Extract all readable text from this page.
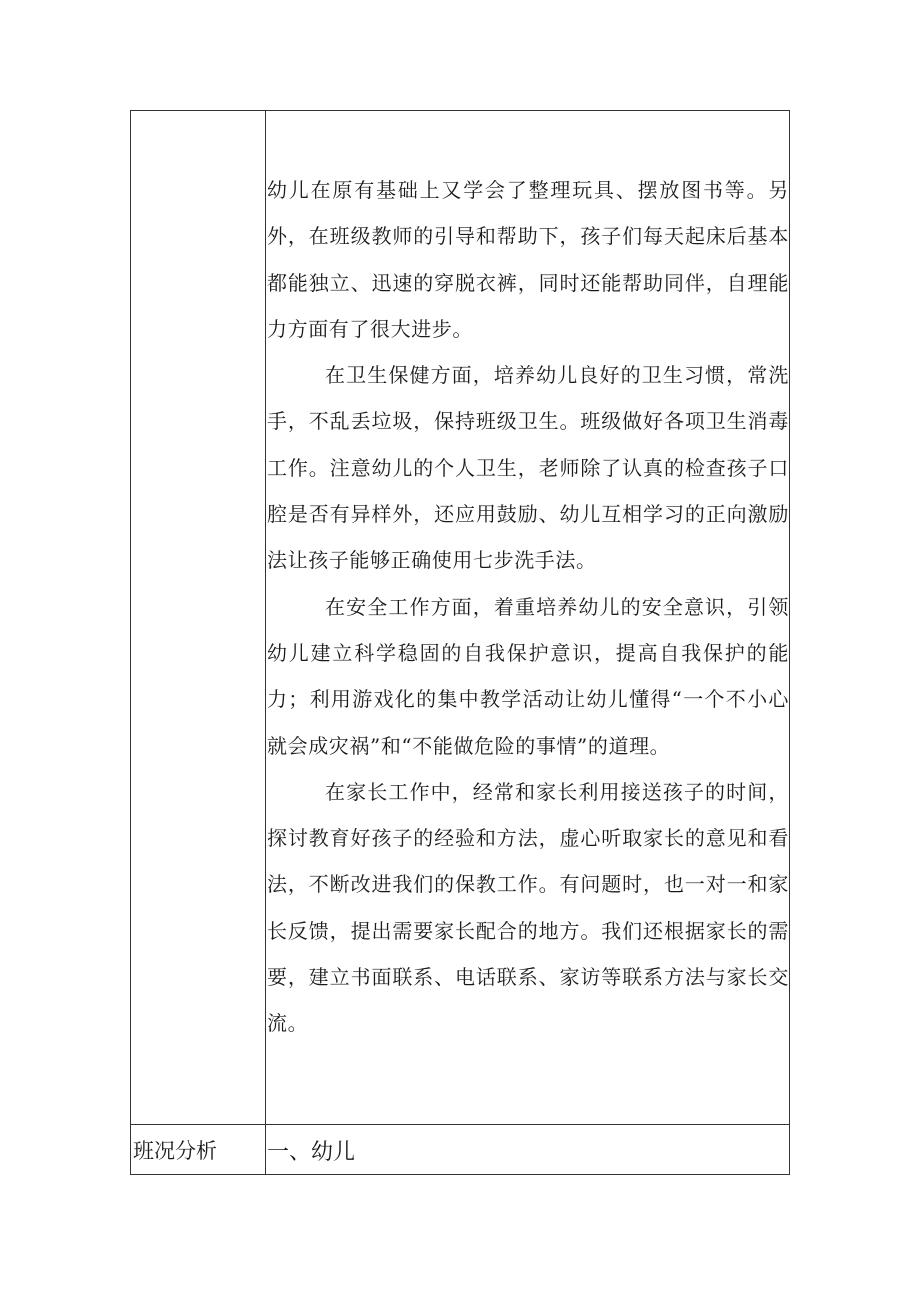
幼儿在原有基础上又学会了整理玩具、摆放图书等。另外，在班级教师的引导和帮助下，孩子们每天起床后基本都能独立、迅速的穿脱衣裤，同时还能帮助同伴，自理能力方面有了很大进步。

在卫生保健方面，培养幼儿良好的卫生习惯，常洗手，不乱丢垃圾，保持班级卫生。班级做好各项卫生消毒工作。注意幼儿的个人卫生，老师除了认真的检查孩子口腔是否有异样外，还应用鼓励、幼儿互相学习的正向激励法让孩子能够正确使用七步洗手法。

在安全工作方面，着重培养幼儿的安全意识，引领幼儿建立科学稳固的自我保护意识，提高自我保护的能力；利用游戏化的集中教学活动让幼儿懂得“一个不小心就会成灾祸”和“不能做危险的事情”的道理。

在家长工作中，经常和家长利用接送孩子的时间，探讨教育好孩子的经验和方法，虚心听取家长的意见和看法，不断改进我们的保教工作。有问题时，也一对一和家长反馈，提出需要家长配合的地方。我们还根据家长的需要，建立书面联系、电话联系、家访等联系方法与家长交流。

班况分析	一、幼儿
